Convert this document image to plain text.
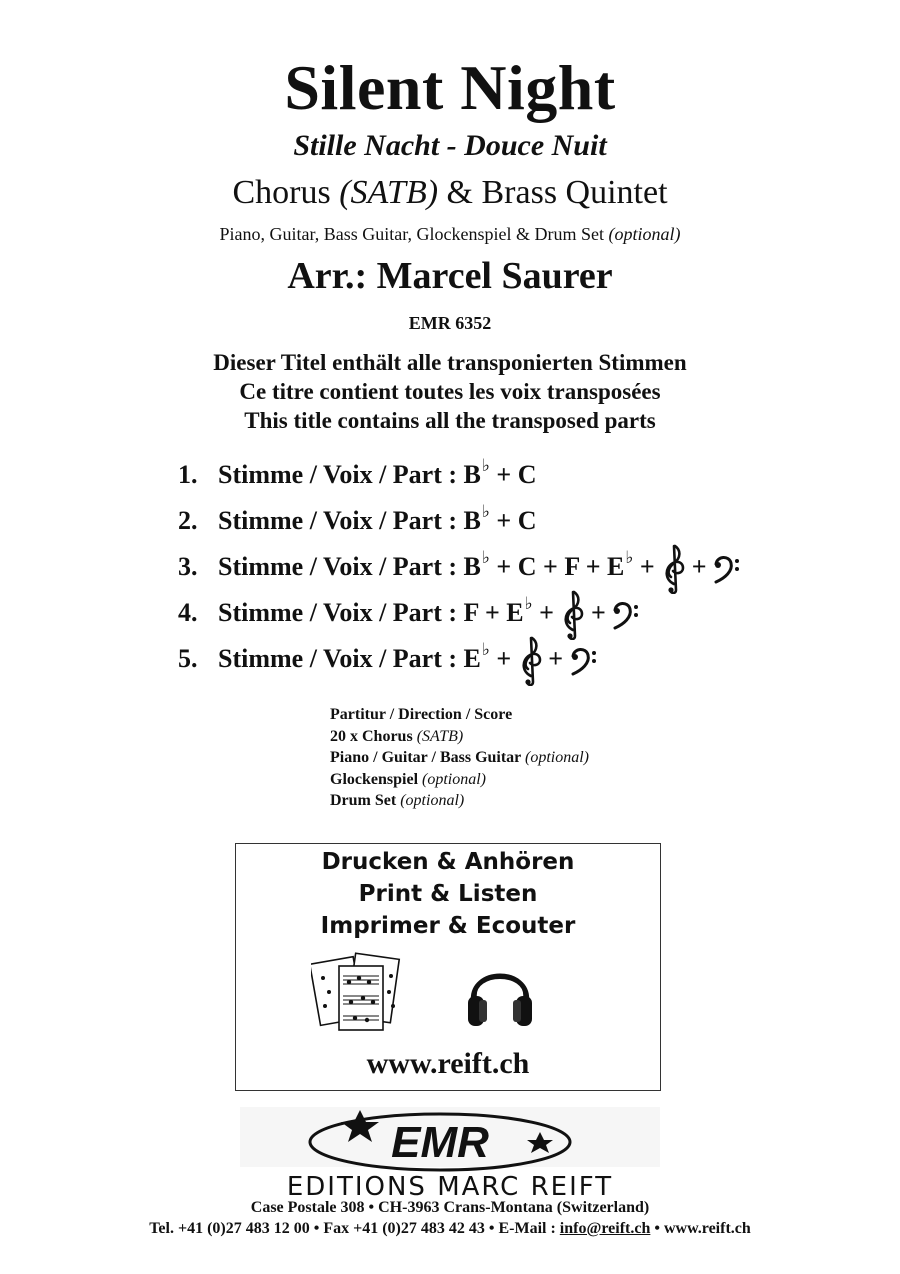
Silent Night
Stille Nacht - Douce Nuit
Chorus (SATB) & Brass Quintet
Piano, Guitar, Bass Guitar, Glockenspiel & Drum Set (optional)
Arr.: Marcel Saurer
EMR 6352
Dieser Titel enthält alle transponierten Stimmen
Ce titre contient toutes les voix transposées
This title contains all the transposed parts
1. Stimme / Voix / Part : B♭ + C
2. Stimme / Voix / Part : B♭ + C
3. Stimme / Voix / Part : B♭ + C + F + E♭ +  +
4. Stimme / Voix / Part : F + E♭ +  +
5. Stimme / Voix / Part : E♭ +  +
Partitur / Direction / Score
20 x Chorus (SATB)
Piano / Guitar / Bass Guitar (optional)
Glockenspiel (optional)
Drum Set (optional)
Drucken & Anhören
Print & Listen
Imprimer & Ecouter
www.reift.ch
EMR
EDITIONS MARC REIFT
Case Postale 308 • CH-3963 Crans-Montana (Switzerland)
Tel. +41 (0)27 483 12 00 • Fax +41 (0)27 483 42 43 • E-Mail : info@reift.ch • www.reift.ch
